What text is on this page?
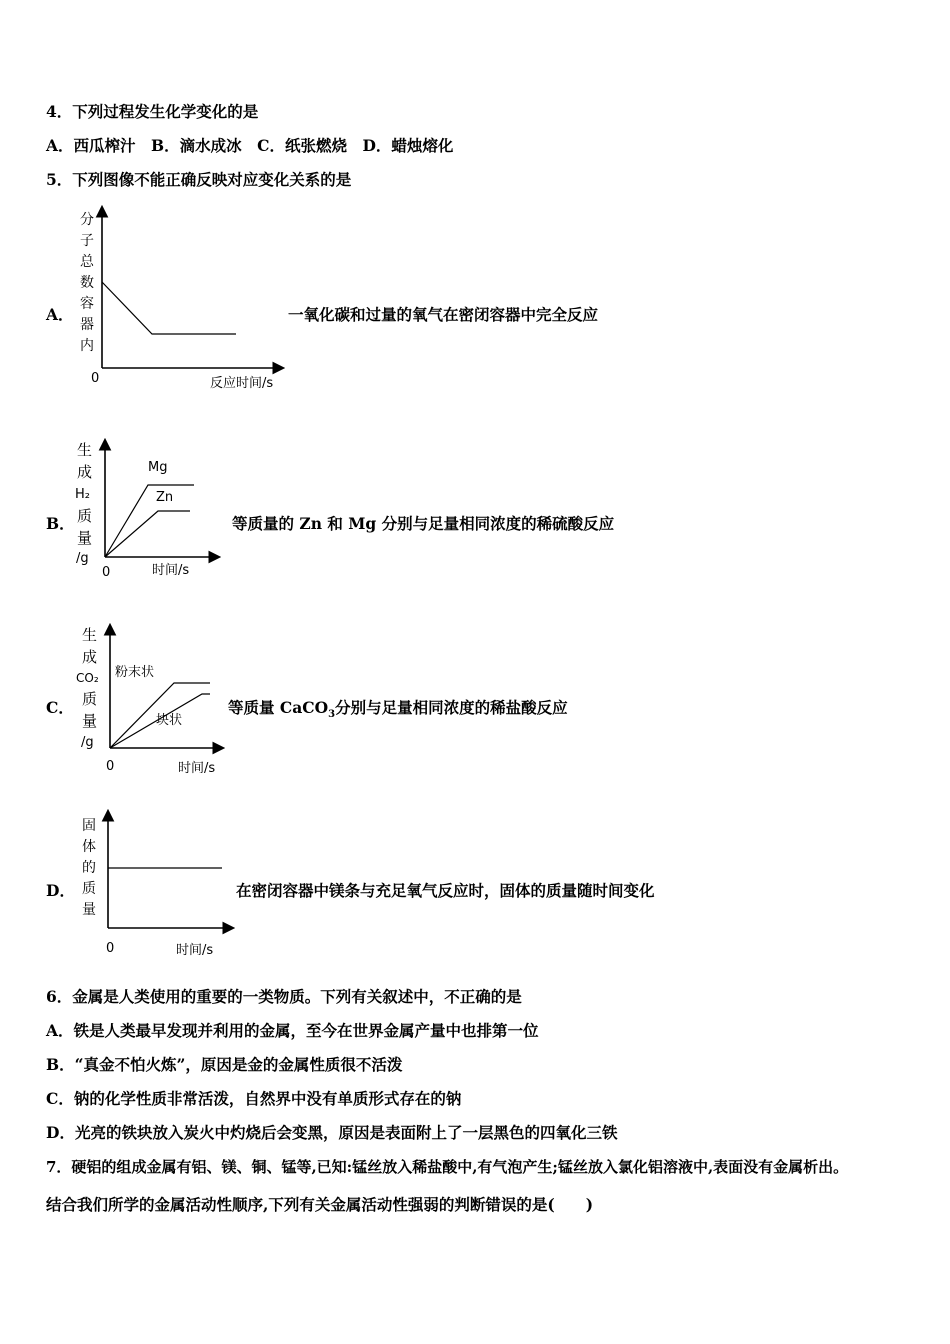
4．下列过程发生化学变化的是
A．西瓜榨汁　B．滴水成冰　C．纸张燃烧　D．蜡烛熔化
5．下列图像不能正确反映对应变化关系的是
A．
分
子
总
数
容
器
内
0	反应时间/s
一氧化碳和过量的氧气在密闭容器中完全反应
B．
Mg
Zn
生
成
H₂
质
量
/g
0	时间/s
等质量的 Zn 和 Mg 分别与足量相同浓度的稀硫酸反应
C．
粉末状
块状
生
成
CO₂
质
量
/g
0	时间/s
等质量 CaCO$_3$分别与足量相同浓度的稀盐酸反应
D．
固
体
的
质
量
0	时间/s
在密闭容器中镁条与充足氧气反应时，固体的质量随时间变化
6．金属是人类使用的重要的一类物质。下列有关叙述中，不正确的是
A．铁是人类最早发现并利用的金属，至今在世界金属产量中也排第一位
B．“真金不怕火炼”，原因是金的金属性质很不活泼
C．钠的化学性质非常活泼，自然界中没有单质形式存在的钠
D．光亮的铁块放入炭火中灼烧后会变黑，原因是表面附上了一层黑色的四氧化三铁
7．硬铝的组成金属有铝、镁、铜、锰等,已知:锰丝放入稀盐酸中,有气泡产生;锰丝放入氯化铝溶液中,表面没有金属析出。
结合我们所学的金属活动性顺序,下列有关金属活动性强弱的判断错误的是(　　)
